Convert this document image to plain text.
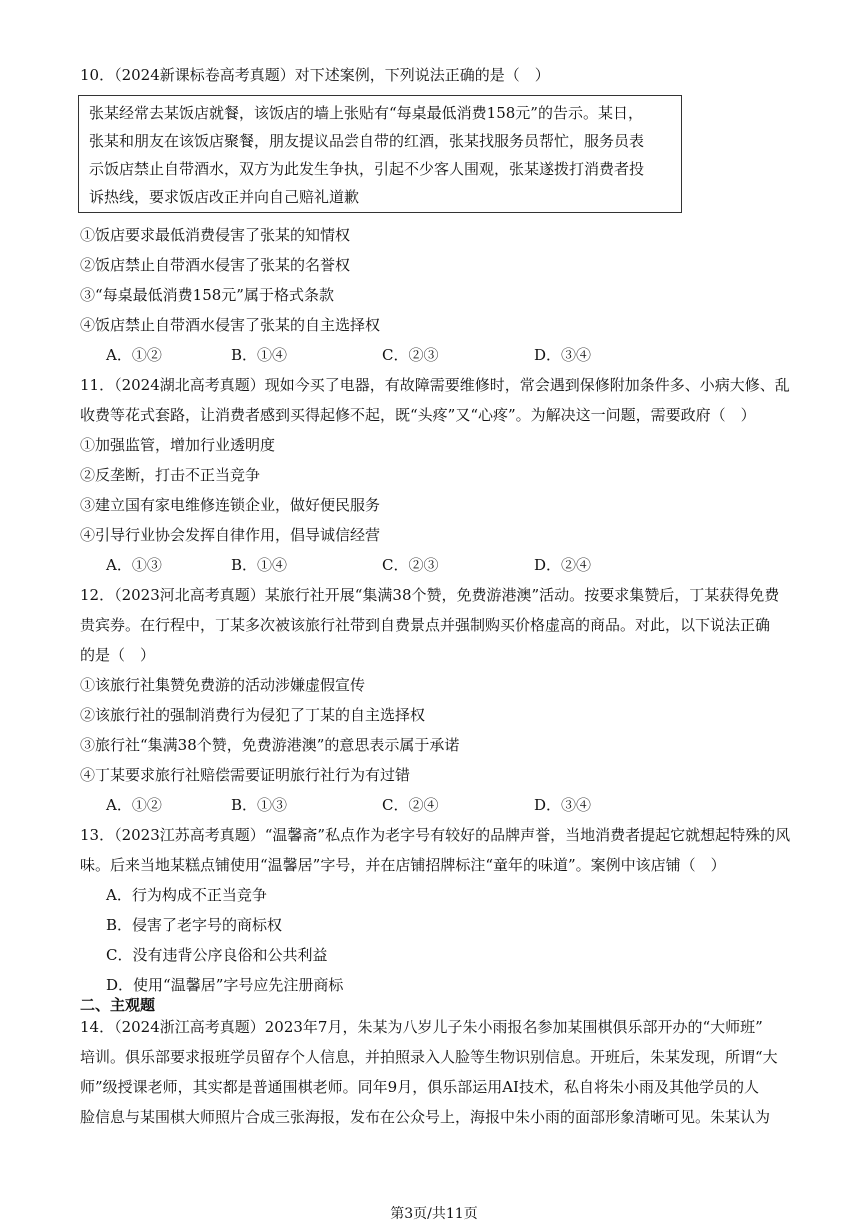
10．（2024新课标卷高考真题）对下述案例，下列说法正确的是（　）
张某经常去某饭店就餐，该饭店的墙上张贴有“每桌最低消费158元”的告示。某日，
张某和朋友在该饭店聚餐，朋友提议品尝自带的红酒，张某找服务员帮忙，服务员表
示饭店禁止自带酒水，双方为此发生争执，引起不少客人围观，张某遂拨打消费者投
诉热线，要求饭店改正并向自己赔礼道歉
①饭店要求最低消费侵害了张某的知情权
②饭店禁止自带酒水侵害了张某的名誉权
③“每桌最低消费158元”属于格式条款
④饭店禁止自带酒水侵害了张某的自主选择权
A．①②	B．①④	C．②③	D．③④
11．（2024湖北高考真题）现如今买了电器，有故障需要维修时，常会遇到保修附加条件多、小病大修、乱
收费等花式套路，让消费者感到买得起修不起，既“头疼”又“心疼”。为解决这一问题，需要政府（　）
①加强监管，增加行业透明度
②反垄断，打击不正当竞争
③建立国有家电维修连锁企业，做好便民服务
④引导行业协会发挥自律作用，倡导诚信经营
A．①③	B．①④	C．②③	D．②④
12．（2023河北高考真题）某旅行社开展“集满38个赞，免费游港澳”活动。按要求集赞后，丁某获得免费
贵宾券。在行程中，丁某多次被该旅行社带到自费景点并强制购买价格虚高的商品。对此，以下说法正确
的是（　）
①该旅行社集赞免费游的活动涉嫌虚假宣传
②该旅行社的强制消费行为侵犯了丁某的自主选择权
③旅行社“集满38个赞，免费游港澳”的意思表示属于承诺
④丁某要求旅行社赔偿需要证明旅行社行为有过错
A．①②	B．①③	C．②④	D．③④
13．（2023江苏高考真题）“温馨斋”私点作为老字号有较好的品牌声誉，当地消费者提起它就想起特殊的风
味。后来当地某糕点铺使用“温馨居”字号，并在店铺招牌标注“童年的味道”。案例中该店铺（　）
A．行为构成不正当竞争
B．侵害了老字号的商标权
C．没有违背公序良俗和公共利益
D．使用“温馨居”字号应先注册商标
二、主观题
14．（2024浙江高考真题）2023年7月，朱某为八岁儿子朱小雨报名参加某围棋俱乐部开办的“大师班”
培训。俱乐部要求报班学员留存个人信息，并拍照录入人脸等生物识别信息。开班后，朱某发现，所谓“大
师”级授课老师，其实都是普通围棋老师。同年9月，俱乐部运用AI技术，私自将朱小雨及其他学员的人
脸信息与某围棋大师照片合成三张海报，发布在公众号上，海报中朱小雨的面部形象清晰可见。朱某认为
第3页/共11页
